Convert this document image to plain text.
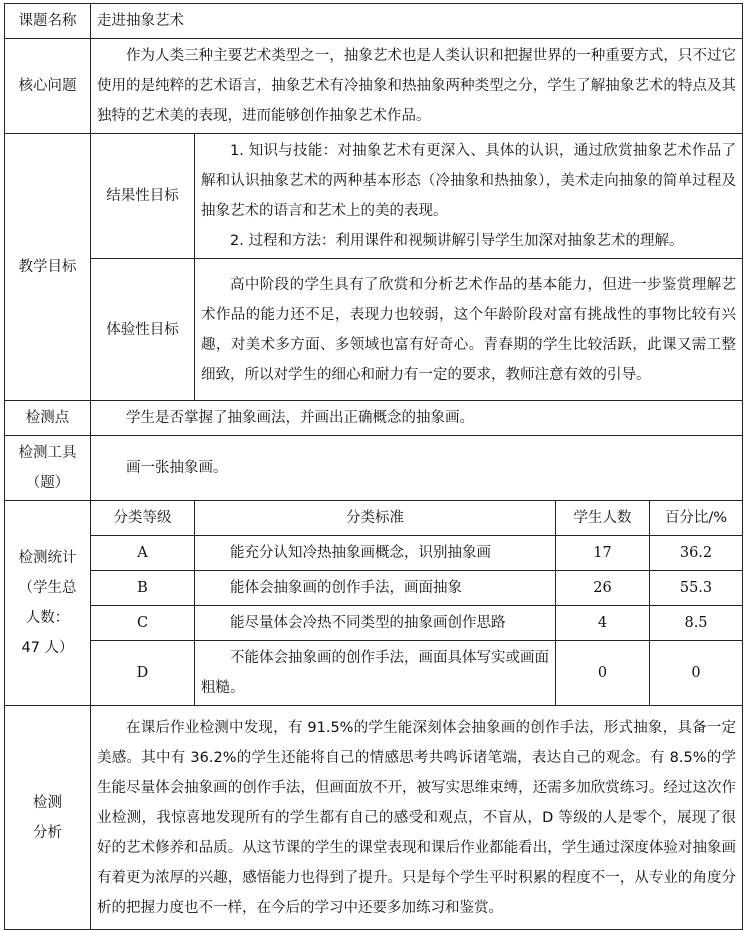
课题名称	走进抽象艺术			
核心问题	作为人类三种主要艺术类型之一，抽象艺术也是人类认识和把握世界的一种重要方式，只不过它使用的是纯粹的艺术语言，抽象艺术有冷抽象和热抽象两种类型之分，学生了解抽象艺术的特点及其独特的艺术美的表现，进而能够创作抽象艺术作品。			
教学目标	结果性目标	1. 知识与技能：对抽象艺术有更深入、具体的认识，通过欣赏抽象艺术作品了解和认识抽象艺术的两种基本形态（冷抽象和热抽象），美术走向抽象的简单过程及抽象艺术的语言和艺术上的美的表现。

2. 过程和方法：利用课件和视频讲解引导学生加深对抽象艺术的理解。		

	体验性目标	高中阶段的学生具有了欣赏和分析艺术作品的基本能力，但进一步鉴赏理解艺术作品的能力还不足，表现力也较弱，这个年龄阶段对富有挑战性的事物比较有兴趣，对美术多方面、多领域也富有好奇心。青春期的学生比较活跃，此课又需工整细致，所以对学生的细心和耐力有一定的要求，教师注意有效的引导。		
检测点	学生是否掌握了抽象画法，并画出正确概念的抽象画。			
检测工具（题）	画一张抽象画。			

检测统计
（学生总
人数：
47 人）	分类等级	分类标准	学生人数	百分比/%
	A	能充分认知冷热抽象画概念，识别抽象画	17	36.2
	B	能体会抽象画的创作手法，画面抽象	26	55.3
	C	能尽量体会冷热不同类型的抽象画创作思路	4	8.5
	D	不能体会抽象画的创作手法，画面具体写实或画面粗糙。	0	0

检测
分析	在课后作业检测中发现，有 91.5%的学生能深刻体会抽象画的创作手法，形式抽象，具备一定美感。其中有 36.2%的学生还能将自己的情感思考共鸣诉诸笔端，表达自己的观念。有 8.5%的学生能尽量体会抽象画的创作手法，但画面放不开，被写实思维束缚，还需多加欣赏练习。经过这次作业检测，我惊喜地发现所有的学生都有自己的感受和观点，不盲从，D 等级的人是零个，展现了很好的艺术修养和品质。从这节课的学生的课堂表现和课后作业都能看出，学生通过深度体验对抽象画有着更为浓厚的兴趣，感悟能力也得到了提升。只是每个学生平时积累的程度不一，从专业的角度分析的把握力度也不一样，在今后的学习中还要多加练习和鉴赏。			
